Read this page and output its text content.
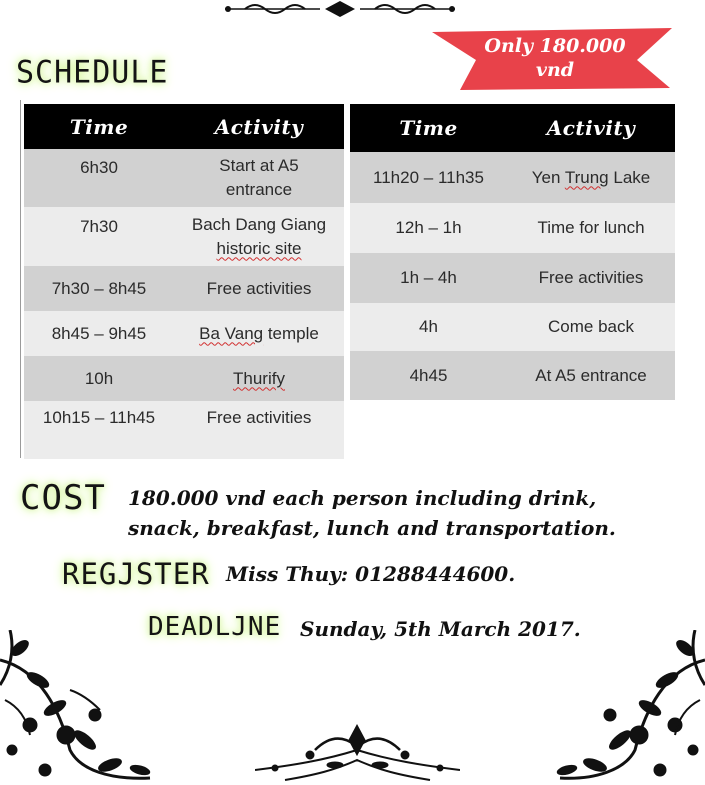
Only 180.000
vnd
SCHEDULE
Time	Activity
6h30	Start at A5 entrance
7h30	Bach Dang Giang
historic site
7h30 – 8h45	Free activities
8h45 – 9h45	Ba Vang temple
10h	Thurify
10h15 – 11h45	Free activities
Time	Activity
11h20 – 11h35	Yen Trung Lake
12h – 1h	Time for lunch
1h – 4h	Free activities
4h	Come back
4h45	At A5 entrance
COST 180.000 vnd each person including drink,
snack, breakfast, lunch and transportation.
REGJSTER Miss Thuy: 01288444600.
DEADLJNE Sunday, 5th March 2017.
